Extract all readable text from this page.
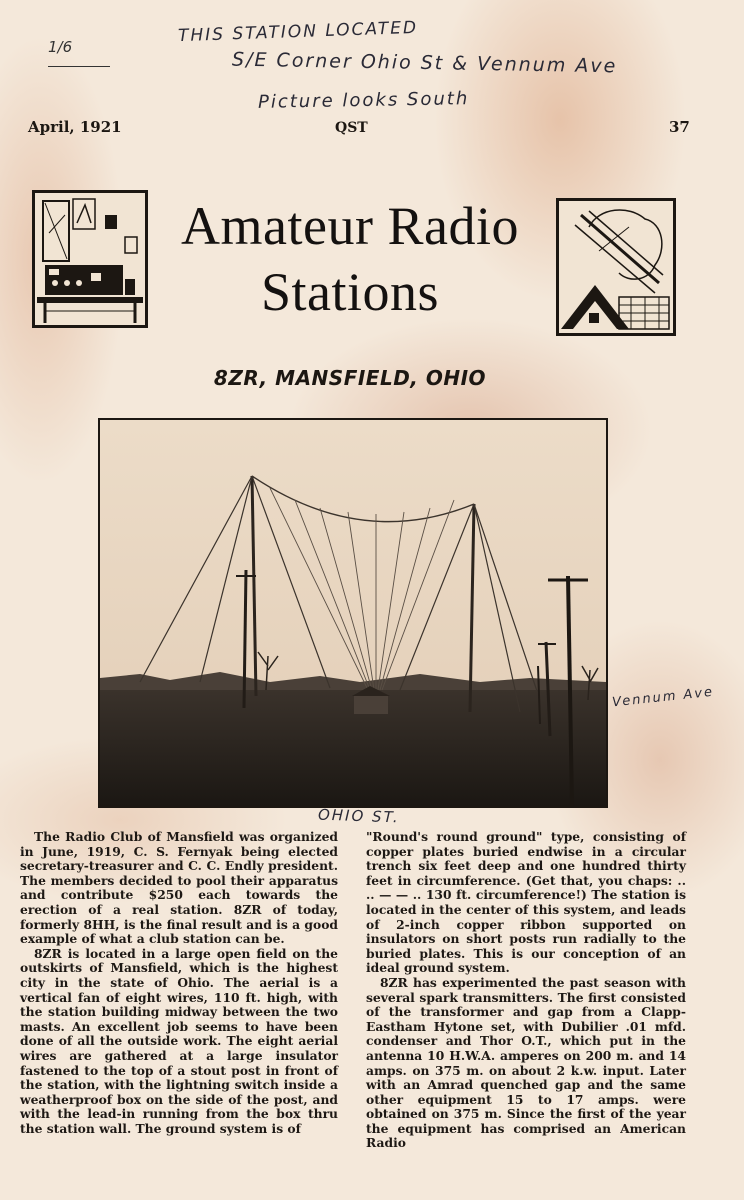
1/6
THIS STATION LOCATED
S/E Corner Ohio St & Vennum Ave
Picture looks South
April, 1921	QST	37
Amateur Radio
Stations
8ZR, MANSFIELD, OHIO
OHIO ST.
Vennum Ave

The Radio Club of Mansfield was organized in June, 1919, C. S. Fernyak being elected secretary-treasurer and C. C. Endly president. The members decided to pool their apparatus and contribute $250 each towards the erection of a real station. 8ZR of today, formerly 8HH, is the final result and is a good example of what a club station can be.

8ZR is located in a large open field on the outskirts of Mansfield, which is the highest city in the state of Ohio. The aerial is a vertical fan of eight wires, 110 ft. high, with the station building midway between the two masts. An excellent job seems to have been done of all the outside work. The eight aerial wires are gathered at a large insulator fastened to the top of a stout post in front of the station, with the lightning switch inside a weatherproof box on the side of the post, and with the lead-in running from the box thru the station wall. The ground system is of

"Round's round ground" type, consisting of copper plates buried endwise in a circular trench six feet deep and one hundred thirty feet in circumference. (Get that, you chaps: .. .. — — .. 130 ft. circumference!) The station is located in the center of this system, and leads of 2-inch copper ribbon supported on insulators on short posts run radially to the buried plates. This is our conception of an ideal ground system.

8ZR has experimented the past season with several spark transmitters. The first consisted of the transformer and gap from a Clapp-Eastham Hytone set, with Dubilier .01 mfd. condenser and Thor O.T., which put in the antenna 10 H.W.A. amperes on 200 m. and 14 amps. on 375 m. on about 2 k.w. input. Later with an Amrad quenched gap and the same other equipment 15 to 17 amps. were obtained on 375 m. Since the first of the year the equipment has comprised an American Radio
